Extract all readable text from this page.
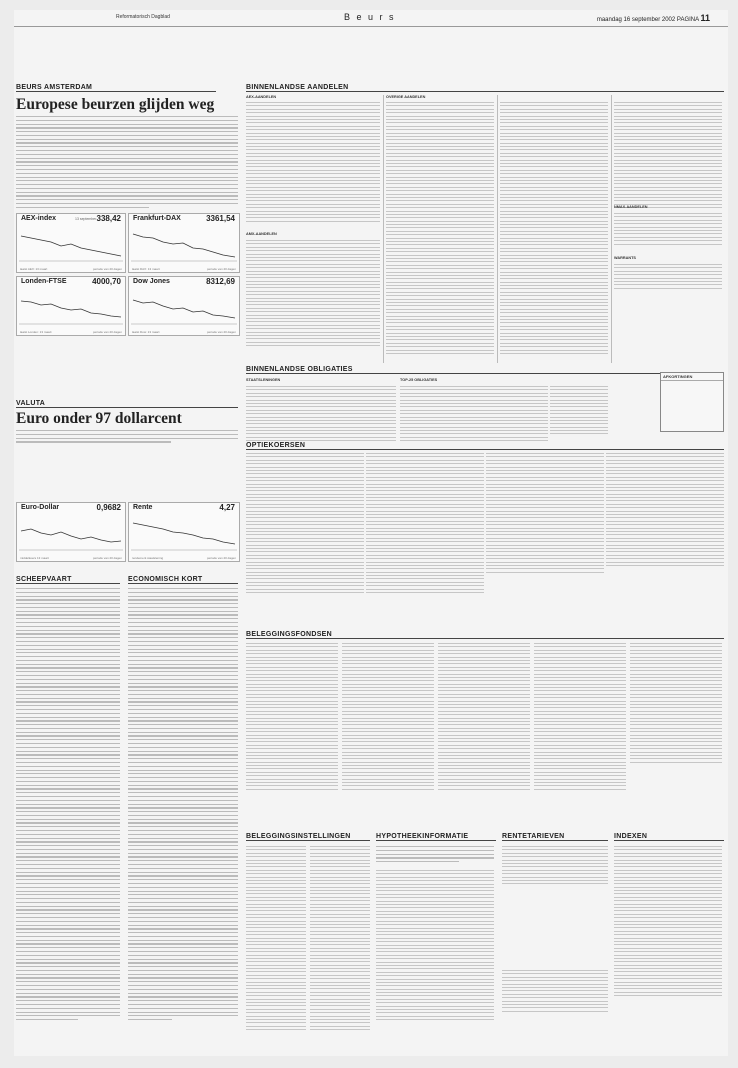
Reformatorisch Dagblad	B e u r s	maandag 16 september 2002 PAGINA 11
BEURS AMSTERDAM
Europese beurzen glijden weg
AEX-index	13 september 338,42
laatst AEX: 13 maart	periode van 20 dagen
Frankfurt-DAX	3361,54
laatst DAX: 13 maart	periode van 20 dagen
Londen-FTSE	4000,70
laatst Londen: 13 maart	periode van 20 dagen
Dow Jones	8312,69
laatst Dow: 13 maart	periode van 20 dagen
VALUTA
Euro onder 97 dollarcent
Euro-Dollar	0,9682
middelkoers 13 maart	periode van 20 dagen
Rente	4,27
rendement staatslening	periode van 20 dagen
SCHEEPVAART	ECONOMISCH KORT
BINNENLANDSE AANDELEN
AEX-AANDELEN
AMX-AANDELEN
OVERIGE AANDELEN
NMAX-AANDELEN
WARRANTS
BINNENLANDSE OBLIGATIES
STAATSLENINGEN	TOP-25 OBLIGATIES
AFKORTINGEN
OPTIEKOERSEN
BELEGGINGSFONDSEN
BELEGGINGSINSTELLINGEN	HYPOTHEEKINFORMATIE	RENTETARIEVEN	INDEXEN
